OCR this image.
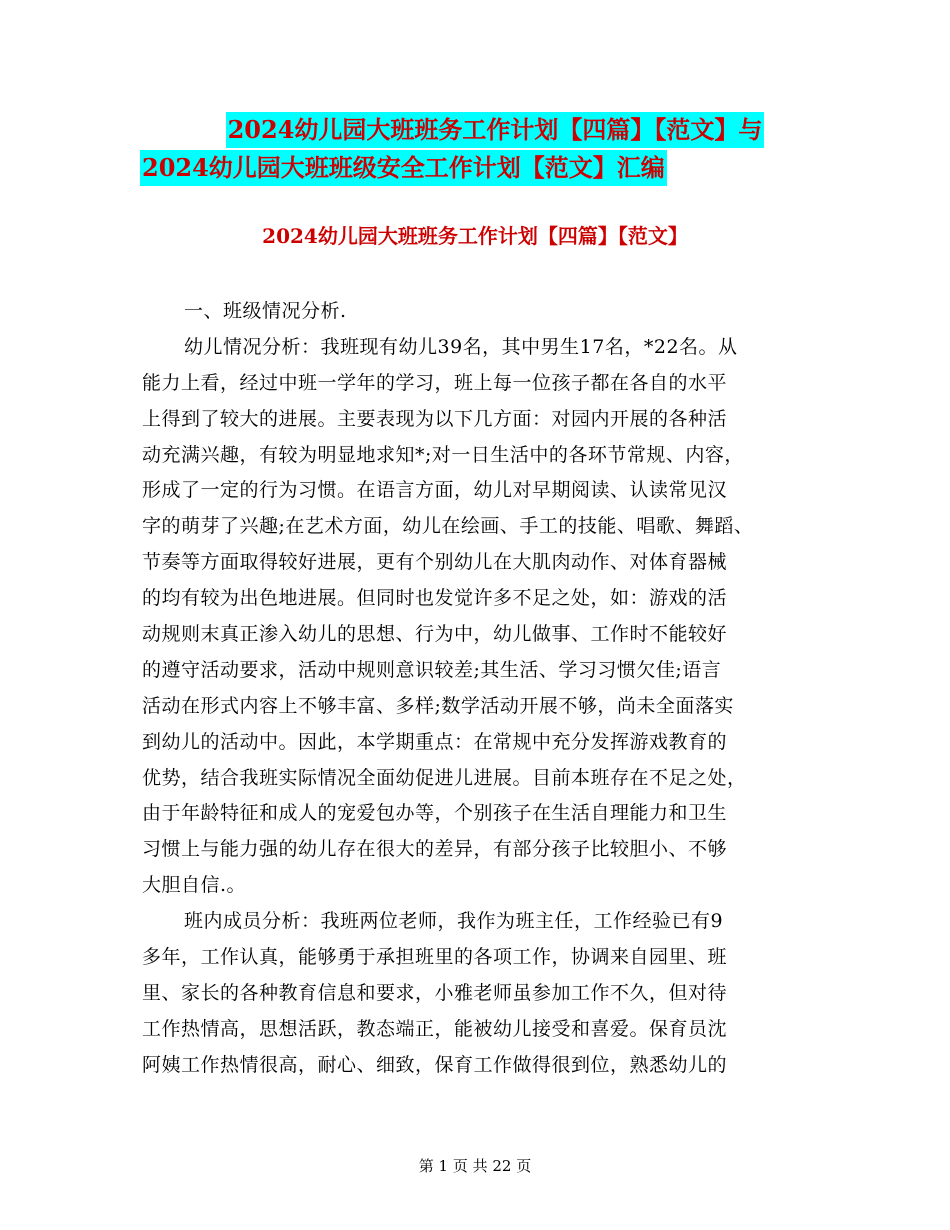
2024幼儿园大班班务工作计划【四篇】【范文】与
2024幼儿园大班班级安全工作计划【范文】汇编
2024幼儿园大班班务工作计划【四篇】【范文】
一、班级情况分析.
幼儿情况分析：我班现有幼儿39名，其中男生17名，*22名。从
能力上看，经过中班一学年的学习，班上每一位孩子都在各自的水平
上得到了较大的进展。主要表现为以下几方面：对园内开展的各种活
动充满兴趣，有较为明显地求知*;对一日生活中的各环节常规、内容，
形成了一定的行为习惯。在语言方面，幼儿对早期阅读、认读常见汉
字的萌芽了兴趣;在艺术方面，幼儿在绘画、手工的技能、唱歌、舞蹈、
节奏等方面取得较好进展，更有个别幼儿在大肌肉动作、对体育器械
的均有较为出色地进展。但同时也发觉许多不足之处，如：游戏的活
动规则末真正渗入幼儿的思想、行为中，幼儿做事、工作时不能较好
的遵守活动要求，活动中规则意识较差;其生活、学习习惯欠佳;语言
活动在形式内容上不够丰富、多样;数学活动开展不够，尚未全面落实
到幼儿的活动中。因此，本学期重点：在常规中充分发挥游戏教育的
优势，结合我班实际情况全面幼促进儿进展。目前本班存在不足之处，
由于年龄特征和成人的宠爱包办等，个别孩子在生活自理能力和卫生
习惯上与能力强的幼儿存在很大的差异，有部分孩子比较胆小、不够
大胆自信.。
班内成员分析：我班两位老师，我作为班主任，工作经验已有9
多年，工作认真，能够勇于承担班里的各项工作，协调来自园里、班
里、家长的各种教育信息和要求，小雅老师虽参加工作不久，但对待
工作热情高，思想活跃，教态端正，能被幼儿接受和喜爱。保育员沈
阿姨工作热情很高，耐心、细致，保育工作做得很到位，熟悉幼儿的
第 1 页 共 22 页
